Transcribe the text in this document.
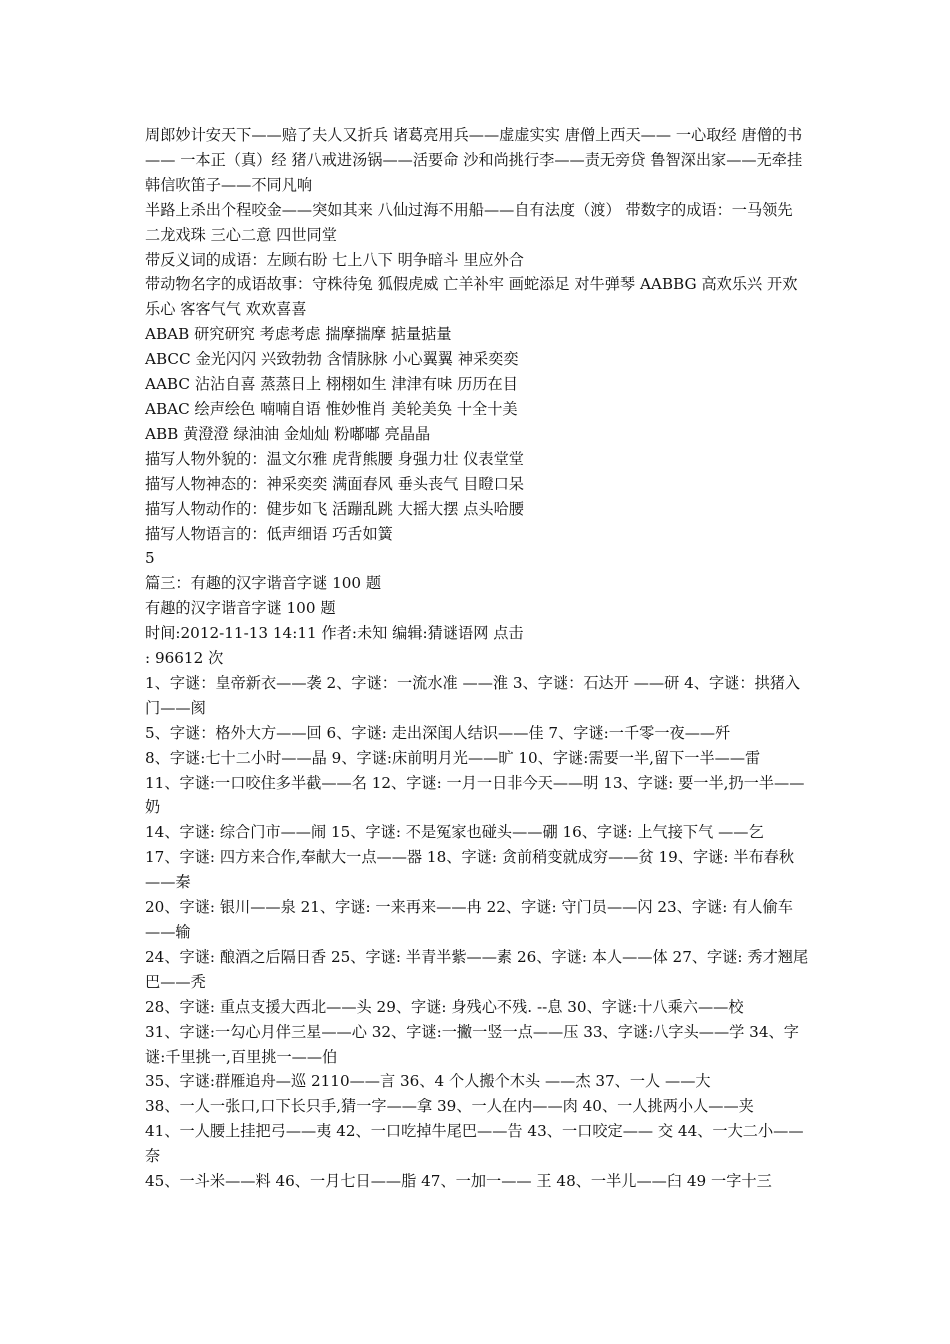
周郎妙计安天下——赔了夫人又折兵 诸葛亮用兵——虚虚实实 唐僧上西天—— 一心取经 唐僧的书—— 一本正（真）经 猪八戒进汤锅——活要命 沙和尚挑行李——责无旁贷 鲁智深出家——无牵挂 韩信吹笛子——不同凡响

半路上杀出个程咬金——突如其来 八仙过海不用船——自有法度（渡） 带数字的成语：一马领先 二龙戏珠 三心二意 四世同堂

带反义词的成语：左顾右盼 七上八下 明争暗斗 里应外合

带动物名字的成语故事：守株待兔 狐假虎威 亡羊补牢 画蛇添足 对牛弹琴 AABBG 高欢乐兴 开欢乐心 客客气气 欢欢喜喜

ABAB 研究研究 考虑考虑 揣摩揣摩 掂量掂量

ABCC 金光闪闪 兴致勃勃 含情脉脉 小心翼翼 神采奕奕

AABC 沾沾自喜 蒸蒸日上 栩栩如生 津津有味 历历在目

ABAC 绘声绘色 喃喃自语 惟妙惟肖 美轮美奂 十全十美

ABB 黄澄澄 绿油油 金灿灿 粉嘟嘟 亮晶晶

描写人物外貌的：温文尔雅 虎背熊腰 身强力壮 仪表堂堂

描写人物神态的：神采奕奕 满面春风 垂头丧气 目瞪口呆

描写人物动作的：健步如飞 活蹦乱跳 大摇大摆 点头哈腰

描写人物语言的：低声细语 巧舌如簧

5

篇三：有趣的汉字谐音字谜 100 题

有趣的汉字谐音字谜 100 题

时间:2012-11-13 14:11 作者:未知 编辑:猜谜语网 点击

: 96612 次

1、字谜：皇帝新衣——袭 2、字谜：一流水准 ——淮 3、字谜：石达开 ——研 4、字谜：拱猪入门——阂

5、字谜：格外大方——回 6、字谜: 走出深闺人结识——佳 7、字谜:一千零一夜——歼

8、字谜:七十二小时——晶 9、字谜:床前明月光——旷 10、字谜:需要一半,留下一半——雷

11、字谜:一口咬住多半截——名 12、字谜: 一月一日非今天——明 13、字谜: 要一半,扔一半——奶

14、字谜: 综合门市——闹 15、字谜: 不是冤家也碰头——硼 16、字谜: 上气接下气 ——乞

17、字谜: 四方来合作,奉献大一点——器 18、字谜: 贪前稍变就成穷——贫 19、字谜: 半布春秋——秦

20、字谜: 银川——泉 21、字谜: 一来再来——冉 22、字谜: 守门员——闪 23、字谜: 有人偷车——输

24、字谜: 酿酒之后隔日香 25、字谜: 半青半紫——素 26、字谜: 本人——体 27、字谜: 秀才翘尾巴——秃

28、字谜: 重点支援大西北——头 29、字谜: 身残心不残. --息 30、字谜:十八乘六——校

31、字谜:一勾心月伴三星——心 32、字谜:一撇一竖一点——压 33、字谜:八字头——学 34、字谜:千里挑一,百里挑一——伯

35、字谜:群雁追舟—巡 2110——言 36、4 个人搬个木头 ——杰 37、一人 ——大

38、一人一张口,口下长只手,猜一字——拿 39、一人在内——肉 40、一人挑两小人——夹

41、一人腰上挂把弓——夷 42、一口吃掉牛尾巴——告 43、一口咬定—— 交 44、一大二小——奈

45、一斗米——料 46、一月七日——脂 47、一加一—— 王 48、一半儿——臼 49 一字十三
